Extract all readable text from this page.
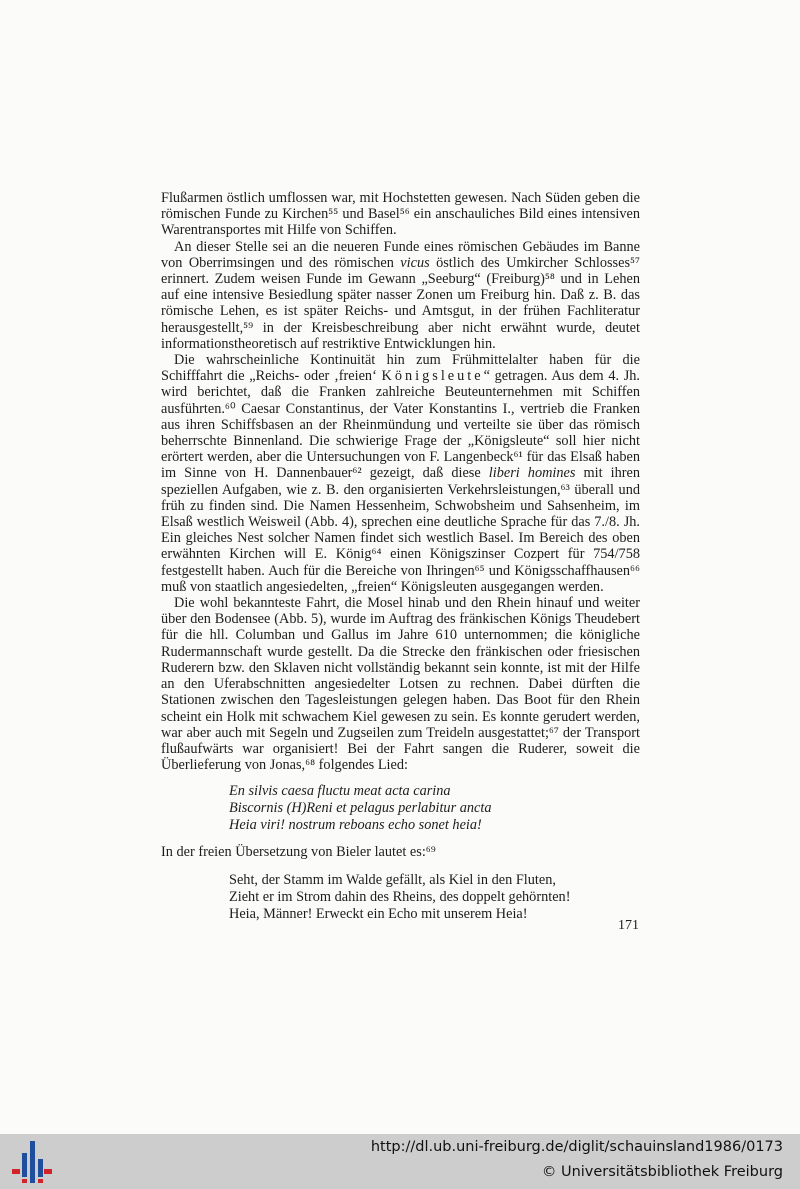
Flußarmen östlich umflossen war, mit Hochstetten gewesen. Nach Süden geben die römischen Funde zu Kirchen⁵⁵ und Basel⁵⁶ ein anschauliches Bild eines intensiven Warentransportes mit Hilfe von Schiffen.

An dieser Stelle sei an die neueren Funde eines römischen Gebäudes im Banne von Oberrimsingen und des römischen vicus östlich des Umkircher Schlosses⁵⁷ erinnert. Zudem weisen Funde im Gewann „Seeburg“ (Freiburg)⁵⁸ und in Lehen auf eine intensive Besiedlung später nasser Zonen um Freiburg hin. Daß z. B. das römische Lehen, es ist später Reichs- und Amtsgut, in der frühen Fachliteratur herausgestellt,⁵⁹ in der Kreisbeschreibung aber nicht erwähnt wurde, deutet informationstheoretisch auf restriktive Entwicklungen hin.

Die wahrscheinliche Kontinuität hin zum Frühmittelalter haben für die Schifffahrt die „Reichs- oder ‚freien‘ Königsleute“ getragen. Aus dem 4. Jh. wird berichtet, daß die Franken zahlreiche Beuteunternehmen mit Schiffen ausführten.⁶⁰ Caesar Constantinus, der Vater Konstantins I., vertrieb die Franken aus ihren Schiffsbasen an der Rheinmündung und verteilte sie über das römisch beherrschte Binnenland. Die schwierige Frage der „Königsleute“ soll hier nicht erörtert werden, aber die Untersuchungen von F. Langenbeck⁶¹ für das Elsaß haben im Sinne von H. Dannenbauer⁶² gezeigt, daß diese liberi homines mit ihren speziellen Aufgaben, wie z. B. den organisierten Verkehrsleistungen,⁶³ überall und früh zu finden sind. Die Namen Hessenheim, Schwobsheim und Sahsenheim, im Elsaß westlich Weisweil (Abb. 4), sprechen eine deutliche Sprache für das 7./8. Jh. Ein gleiches Nest solcher Namen findet sich westlich Basel. Im Bereich des oben erwähnten Kirchen will E. König⁶⁴ einen Königszinser Cozpert für 754/758 festgestellt haben. Auch für die Bereiche von Ihringen⁶⁵ und Königsschaffhausen⁶⁶ muß von staatlich angesiedelten, „freien“ Königsleuten ausgegangen werden.

Die wohl bekannteste Fahrt, die Mosel hinab und den Rhein hinauf und weiter über den Bodensee (Abb. 5), wurde im Auftrag des fränkischen Königs Theudebert für die hll. Columban und Gallus im Jahre 610 unternommen; die königliche Rudermannschaft wurde gestellt. Da die Strecke den fränkischen oder friesischen Ruderern bzw. den Sklaven nicht vollständig bekannt sein konnte, ist mit der Hilfe an den Uferabschnitten angesiedelter Lotsen zu rechnen. Dabei dürften die Stationen zwischen den Tagesleistungen gelegen haben. Das Boot für den Rhein scheint ein Holk mit schwachem Kiel gewesen zu sein. Es konnte gerudert werden, war aber auch mit Segeln und Zugseilen zum Treideln ausgestattet;⁶⁷ der Transport flußaufwärts war organisiert! Bei der Fahrt sangen die Ruderer, soweit die Überlieferung von Jonas,⁶⁸ folgendes Lied:

En silvis caesa fluctu meat acta carina
Biscornis (H)Reni et pelagus perlabitur ancta
Heia viri! nostrum reboans echo sonet heia!

In der freien Übersetzung von Bieler lautet es:⁶⁹

Seht, der Stamm im Walde gefällt, als Kiel in den Fluten,
Zieht er im Strom dahin des Rheins, des doppelt gehörnten!
Heia, Männer! Erweckt ein Echo mit unserem Heia!
171
http://dl.ub.uni-freiburg.de/diglit/schauinsland1986/0173
© Universitätsbibliothek Freiburg
